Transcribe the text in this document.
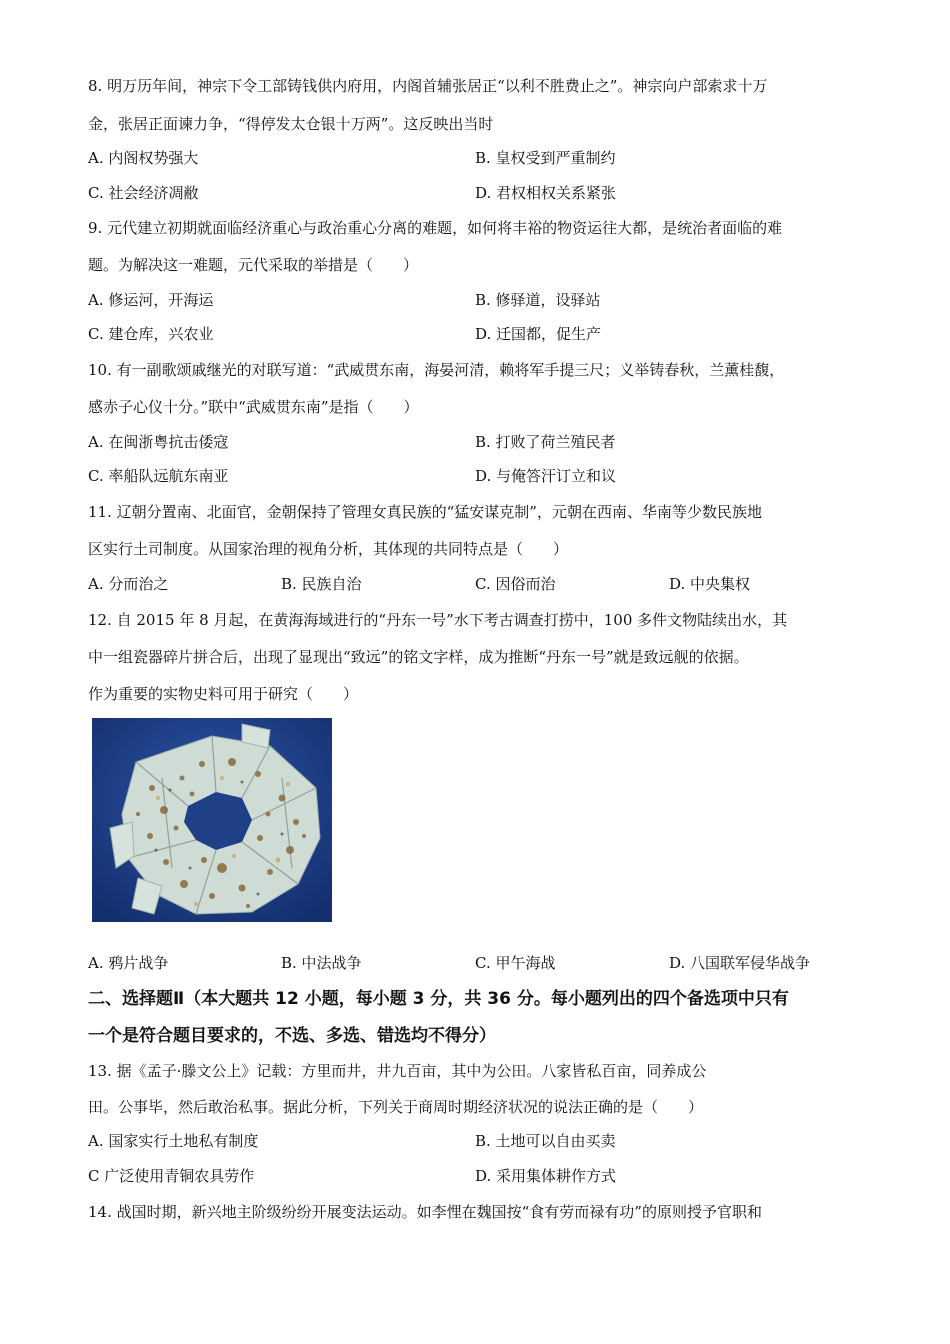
8. 明万历年间，神宗下令工部铸钱供内府用，内阁首辅张居正“以利不胜费止之”。神宗向户部索求十万
金，张居正面谏力争，“得停发太仓银十万两”。这反映出当时
A. 内阁权势强大	B. 皇权受到严重制约
C. 社会经济凋敝	D. 君权相权关系紧张
9. 元代建立初期就面临经济重心与政治重心分离的难题，如何将丰裕的物资运往大都，是统治者面临的难
题。为解决这一难题，元代采取的举措是（　　）
A. 修运河，开海运	B. 修驿道，设驿站
C. 建仓库，兴农业	D. 迁国都，促生产
10. 有一副歌颂戚继光的对联写道：“武威贯东南，海晏河清，赖将军手提三尺；义举铸春秋，兰薰桂馥，
感赤子心仪十分。”联中“武威贯东南”是指（　　）
A. 在闽浙粤抗击倭寇	B. 打败了荷兰殖民者
C. 率船队远航东南亚	D. 与俺答汗订立和议
11. 辽朝分置南、北面官，金朝保持了管理女真民族的“猛安谋克制”，元朝在西南、华南等少数民族地
区实行土司制度。从国家治理的视角分析，其体现的共同特点是（　　）
A. 分而治之	B. 民族自治	C. 因俗而治	D. 中央集权
12. 自 2015 年 8 月起，在黄海海域进行的“丹东一号”水下考古调查打捞中，100 多件文物陆续出水，其
中一组瓷器碎片拼合后，出现了显现出“致远”的铭文字样，成为推断“丹东一号”就是致远舰的依据。
作为重要的实物史料可用于研究（　　）
A. 鸦片战争	B. 中法战争	C. 甲午海战	D. 八国联军侵华战争
二、选择题Ⅱ（本大题共 12 小题，每小题 3 分，共 36 分。每小题列出的四个备选项中只有
一个是符合题目要求的，不选、多选、错选均不得分）
13. 据《孟子·滕文公上》记载：方里而井，井九百亩，其中为公田。八家皆私百亩，同养成公
田。公事毕，然后敢治私事。据此分析，下列关于商周时期经济状况的说法正确的是（　　）
A. 国家实行土地私有制度	B. 土地可以自由买卖
C 广泛使用青铜农具劳作	D. 采用集体耕作方式
14. 战国时期，新兴地主阶级纷纷开展变法运动。如李悝在魏国按“食有劳而禄有功”的原则授予官职和
